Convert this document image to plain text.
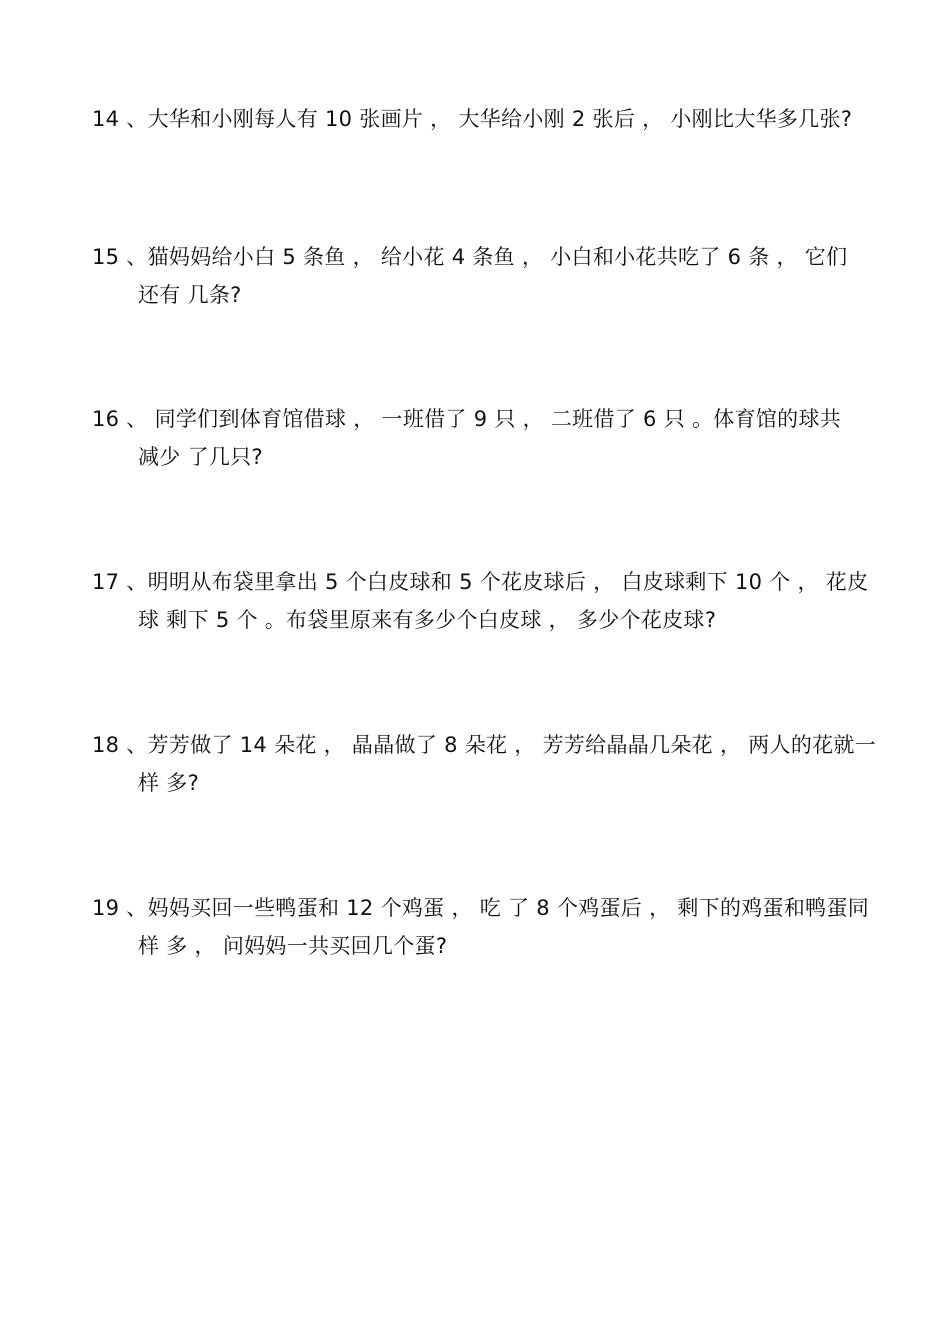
14 、大华和小刚每人有 10 张画片 ， 大华给小刚 2 张后 ， 小刚比大华多几张?
15 、猫妈妈给小白 5 条鱼 ， 给小花 4 条鱼 ， 小白和小花共吃了 6 条 ， 它们
还有 几条?
16 、 同学们到体育馆借球 ， 一班借了 9 只 ， 二班借了 6 只 。体育馆的球共
减少 了几只?
17 、明明从布袋里拿出 5 个白皮球和 5 个花皮球后 ， 白皮球剩下 10 个 ， 花皮
球 剩下 5 个 。布袋里原来有多少个白皮球 ， 多少个花皮球?
18 、芳芳做了 14 朵花 ， 晶晶做了 8 朵花 ， 芳芳给晶晶几朵花 ， 两人的花就一
样 多?
19 、妈妈买回一些鸭蛋和 12 个鸡蛋 ， 吃 了 8 个鸡蛋后 ， 剩下的鸡蛋和鸭蛋同
样 多 ， 问妈妈一共买回几个蛋?
